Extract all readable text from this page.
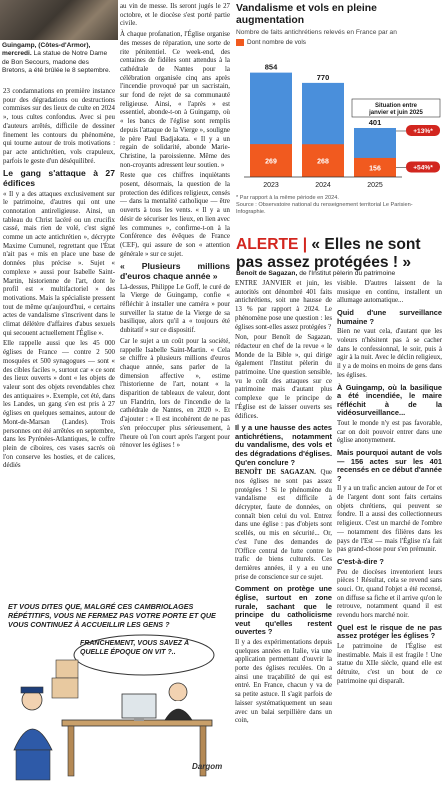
Guingamp, (Côtes-d'Armor), mercredi. La statue de Notre Dame de Bon Secours, madone des Bretons, a été brûlée le 8 septembre.

23 condamnations en première instance pour des dégradations ou destructions commises sur des lieux de culte en 2024 », tous cultes confondus. Avec si peu d'auteurs arrêtés, difficile de dessiner finement les contours du phénomène, qui tourne autour de trois motivations : par acte antichrétien, vols crapuleux, parfois le geste d'un déséquilibré.

Le gang s'attaque à 27 édifices

« Il y a des attaques exclusivement sur le patrimoine, d'autres qui ont une connotation antireligieuse. Ainsi, un tableau du Christ lacéré ou un crucifix cassé, mais rien de volé, c'est signé comme un acte antichrétien », décrypte Maxime Cumunel, regrettant que l'État n'ait pas « mis en place une base de données plus précise ». Sujet « complexe » aussi pour Isabelle Saint-Martin, historienne de l'art, dont le profil est « multifactoriel » des motivations. Mais la spécialiste pressent tout de même qu'aujourd'hui, « certains actes de vandalisme s'inscrivent dans le climat délétère d'affaires d'abus sexuels qui secouent actuellement l'Église ».

Elle rappelle aussi que les 45 000 églises de France — contre 2 500 mosquées et 500 synagogues — sont « des cibles faciles », surtout car « ce sont des lieux ouverts » dont « les objets de valeur sont des objets revendables chez des antiquaires ». Exemple, cet été, dans les Landes, un gang s'en est pris à 27 églises en quelques semaines, autour de Mont-de-Marsan (Landes). Trois personnes ont été arrêtées en septembre, dans les Pyrénées-Atlantiques, le coffre plein de ciboires, ces vases sacrés où l'on conserve les hosties, et de calices, dédiés

au vin de messe. Ils seront jugés le 27 octobre, et le diocèse s'est porté partie civile.

À chaque profanation, l'Église organise des messes de réparation, une sorte de rite pénitentiel. Ce week-end, des centaines de fidèles sont attendus à la cathédrale de Nantes pour la célébration organisée cinq ans après l'incendie provoqué par un sacristain, sur fond de rejet de sa communauté religieuse. Ainsi, « l'après » est essentiel, abonde-t-on à Guingamp, où « les bancs de l'église sont remplis depuis l'attaque de la Vierge », souligne le père Paul Badjakata. « Il y a un regain de solidarité, abonde Marie-Christine, la paroissienne. Même des non-croyants adressent leur soutien. »

Reste que ces chiffres inquiètants posent, désormais, la question de la protection des édifices religieux, censés — dans la mentalité catholique — être ouverts à tous les vents. « Il y a un désir de sécuriser les lieux, en lien avec les communes », confirme-t-on à la Conférence des évêques de France (CEF), qui assure de son « attention générale » sur ce sujet.

« Plusieurs millions d'euros chaque année »

Là-dessus, Philippe Le Goff, le curé de la Vierge de Guingamp, confie « réfléchir à installer une caméra » pour surveiller la statue de la Vierge de sa basilique, alors qu'il a « toujours été dubitatif » sur ce dispositif.

Car le sujet a un coût pour la société, rappelle Isabelle Saint-Martin. « Cela se chiffre à plusieurs millions d'euros chaque année, sans parler de la dimension affective », estime l'historienne de l'art, notant « la disparition de tableaux de valeur, dont un Flandrin, lors de l'incendie de la cathédrale de Nantes, en 2020 ». Et d'ajouter : « Il est incohérent de ne pas s'en préoccuper plus sérieusement, à l'heure où l'on court après l'argent pour rénover les églises ! »

Vandalisme et vols en pleine augmentation
Nombre de faits antichrétiens relevés en France par an
Dont nombre de vols
854
269
2023
770
268
2024
401
156
2025
Situation entre
janvier et juin 2025
+13%*
+54%*
* Par rapport à la même période en 2024.
Source : Observatoire national du renseignement territorial Le Parisien-Infographie.
ALERTE | « Elles ne sont pas assez protégées ! »
Benoît de Sagazan, de l'Institut pèlerin du patrimoine

ENTRE JANVIER et juin, les autorités ont dénombré 401 faits antichrétiens, soit une hausse de 13 % par rapport à 2024. Le phénomène pose une question : les églises sont-elles assez protégées ?

Non, pour Benoît de Sagazan, rédacteur en chef de la revue « le Monde de la Bible », qui dirige également l'Institut pèlerin du patrimoine. Une question sensible, vu le coût des attaques sur ce patrimoine mais d'autant plus complexe que le principe de l'Église est de laisser ouverts ses édifices.

Il y a une hausse des actes antichrétiens, notamment du vandalisme, des vols et des dégradations d'églises. Qu'en conclure ?

BENOÎT DE SAGAZAN. Que nos églises ne sont pas assez protégées ! Si le phénomène du vandalisme est difficile à décrypter, faute de données, on connaît bien celui du vol. Entrez dans une église : pas d'objets sont scellés, ou mis en sécurité... Or, c'est l'une des demandes de l'Office central de lutte contre le trafic de biens culturels. Ces dernières années, il y a eu une prise de conscience sur ce sujet.

Comment on protège une église, surtout en zone rurale, sachant que le principe du catholicisme veut qu'elles restent ouvertes ?

Il y a des expérimentations depuis quelques années en Italie, via une application permettant d'ouvrir la porte des églises reculées. On a ainsi une traçabilité de qui est entré. En France, chacun y va de sa petite astuce. Il s'agit parfois de laisser systématiquement un seau avec un balai serpillière dans un coin,

visible. D'autres laissent de la musique en continu, installent un allumage automatique...

Quid d'une surveillance humaine ?

Bien ne vaut cela, d'autant que les voleurs n'hésitent pas à se cacher dans le confessionnal, le soir, puis à agir à la nuit. Avec le déclin religieux, il y a de moins en moins de gens dans les églises.

À Guingamp, où la basilique a été incendiée, le maire réfléchit à de la vidéosurveillance...

Tout le monde n'y est pas favorable, car on doit pouvoir entrer dans une église anonymement.

Mais pourquoi autant de vols — 156 actes sur les 401 recensés en ce début d'année ?

Il y a un trafic ancien autour de l'or et de l'argent dont sont faits certains objets chrétiens, qui peuvent se fondre. Il a aussi des collectionneurs religieux. C'est un marché de l'ombre — notamment des filières dans les pays de l'Est — mais l'Église n'a fait pas grand-chose pour s'en prémunir.

C'est-à-dire ?

Peu de diocèses inventorient leurs pièces ! Résultat, cela se revend sans souci. Or, quand l'objet a été recensé, on diffuse sa fiche et il arrive qu'on le retrouve, notamment quand il est revendu hors marché noir.

Quel est le risque de ne pas assez protéger les églises ?

Le patrimoine de l'Église est inestimable. Mais il est fragile ! Une statue du XIIe siècle, quand elle est détruite, c'est un bout de ce patrimoine qui disparaît.

ET VOUS DITES QUE, MALGRÉ CES CAMBRIOLAGES RÉPÉTITIFS, VOUS NE FERMEZ PAS VOTRE PORTE ET QUE VOUS CONTINUEZ À ACCUEILLIR LES GENS ?
FRANCHEMENT, VOUS SAVEZ À QUELLE ÉPOQUE ON VIT ?..
Dargom
